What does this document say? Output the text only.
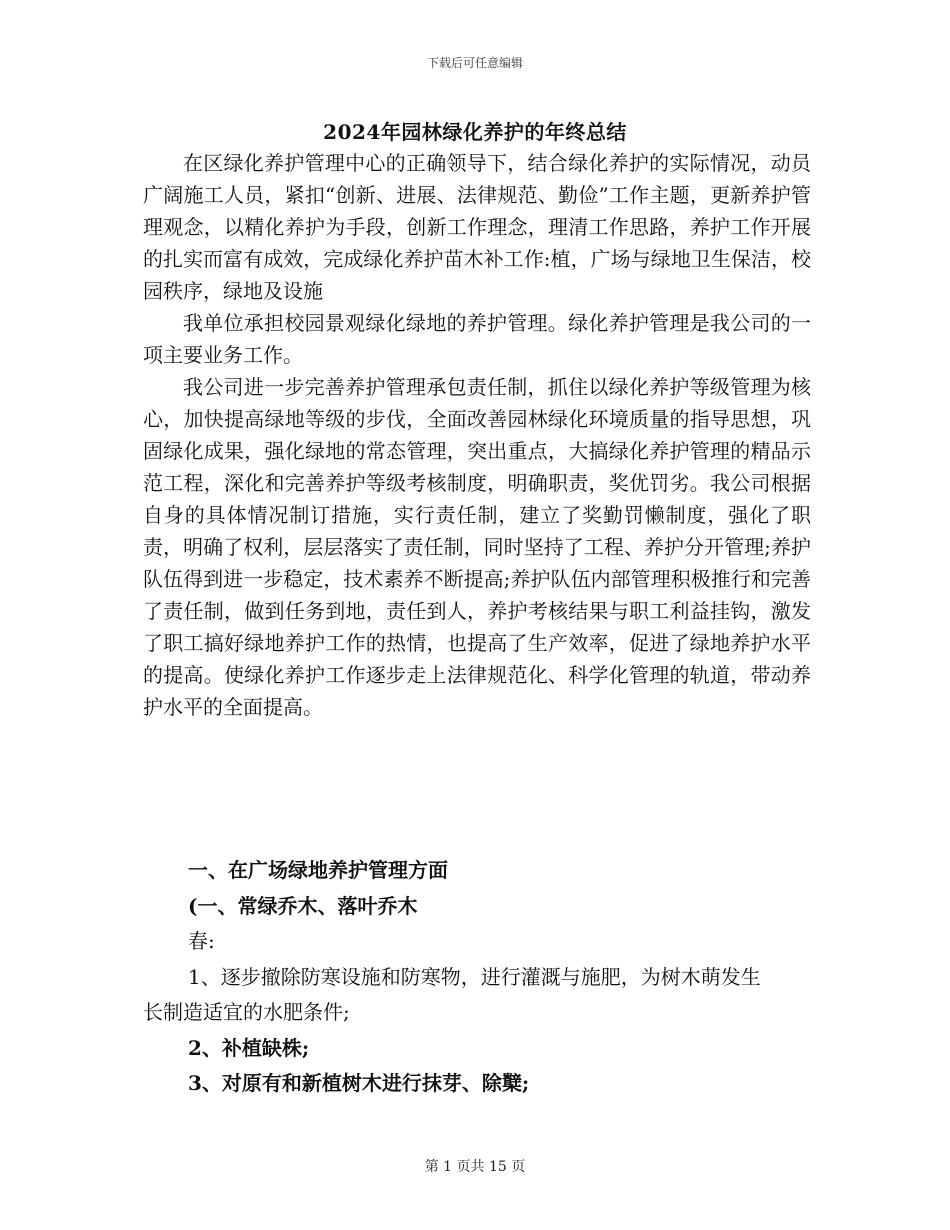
下载后可任意编辑
2024年园林绿化养护的年终总结

在区绿化养护管理中心的正确领导下，结合绿化养护的实际情况，动员广阔施工人员，紧扣“创新、进展、法律规范、勤俭”工作主题，更新养护管理观念，以精化养护为手段，创新工作理念，理清工作思路，养护工作开展的扎实而富有成效，完成绿化养护苗木补工作:植，广场与绿地卫生保洁，校园秩序，绿地及设施

我单位承担校园景观绿化绿地的养护管理。绿化养护管理是我公司的一项主要业务工作。

我公司进一步完善养护管理承包责任制，抓住以绿化养护等级管理为核心，加快提高绿地等级的步伐，全面改善园林绿化环境质量的指导思想，巩固绿化成果，强化绿地的常态管理，突出重点，大搞绿化养护管理的精品示范工程，深化和完善养护等级考核制度，明确职责，奖优罚劣。我公司根据自身的具体情况制订措施，实行责任制，建立了奖勤罚懒制度，强化了职责，明确了权利，层层落实了责任制，同时坚持了工程、养护分开管理;养护队伍得到进一步稳定，技术素养不断提高;养护队伍内部管理积极推行和完善了责任制，做到任务到地，责任到人，养护考核结果与职工利益挂钩，激发了职工搞好绿地养护工作的热情，也提高了生产效率，促进了绿地养护水平的提高。使绿化养护工作逐步走上法律规范化、科学化管理的轨道，带动养护水平的全面提高。

一、在广场绿地养护管理方面
(一、常绿乔木、落叶乔木
春:
1、逐步撤除防寒设施和防寒物，进行灌溉与施肥，为树木萌发生
长制造适宜的水肥条件;
2、补植缺株;
3、对原有和新植树木进行抹芽、除櫱;
第 1 页共 15 页
